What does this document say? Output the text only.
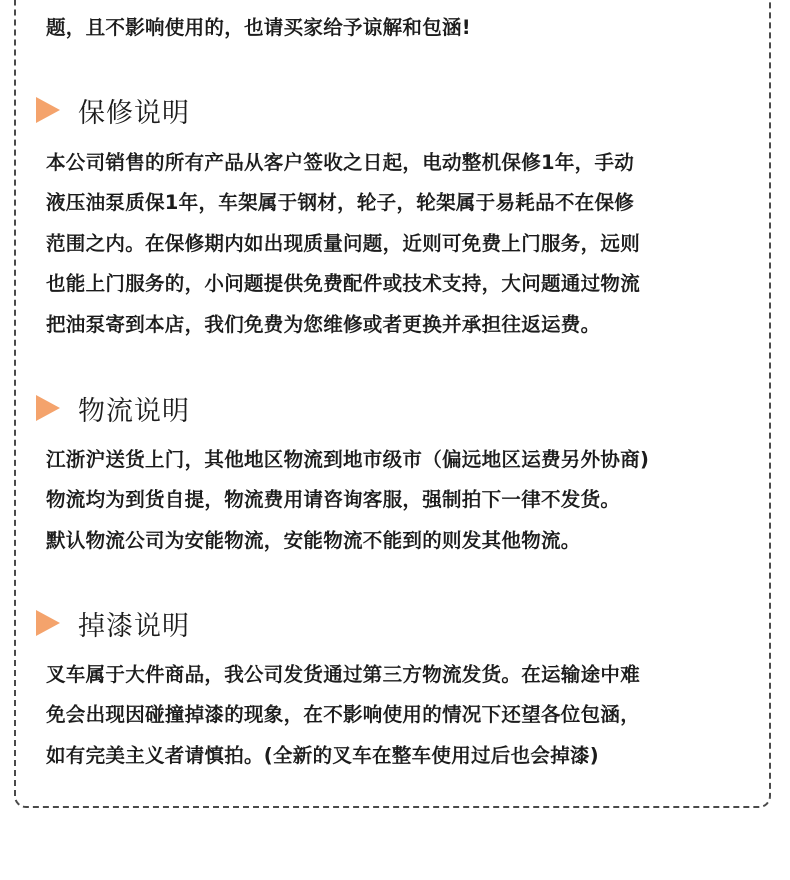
题，且不影响使用的，也请买家给予谅解和包涵!
保修说明
本公司销售的所有产品从客户签收之日起，电动整机保修1年，手动
液压油泵质保1年，车架属于钢材，轮子，轮架属于易耗品不在保修
范围之内。在保修期内如出现质量问题，近则可免费上门服务，远则
也能上门服务的，小问题提供免费配件或技术支持，大问题通过物流
把油泵寄到本店，我们免费为您维修或者更换并承担往返运费。
物流说明
江浙沪送货上门，其他地区物流到地市级市（偏远地区运费另外协商)
物流均为到货自提，物流费用请咨询客服，强制拍下一律不发货。
默认物流公司为安能物流，安能物流不能到的则发其他物流。
掉漆说明
叉车属于大件商品，我公司发货通过第三方物流发货。在运输途中难
免会出现因碰撞掉漆的现象，在不影响使用的情况下还望各位包涵，
如有完美主义者请慎拍。(全新的叉车在整车使用过后也会掉漆)
